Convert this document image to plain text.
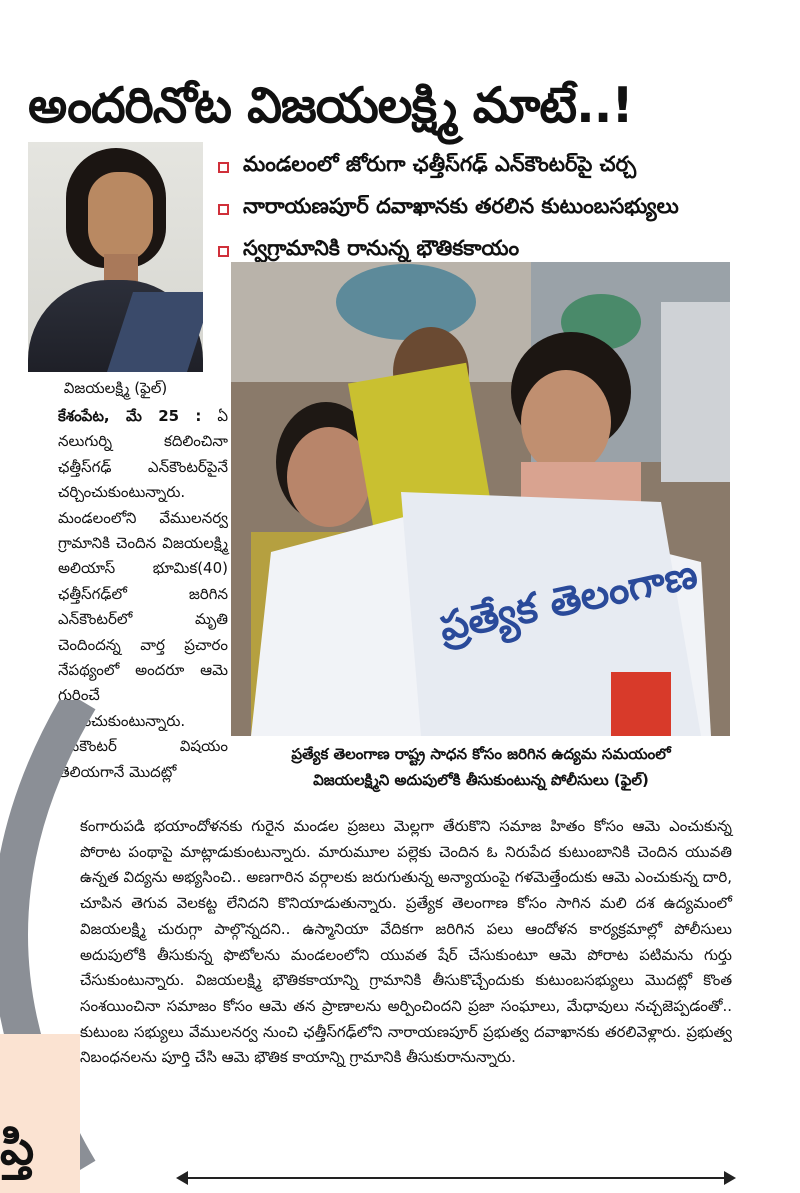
అందరినోట విజయలక్ష్మి మాటే..!
మండలంలో జోరుగా ఛత్తీస్‌గఢ్ ఎన్‌కౌంటర్‌పై చర్చ
నారాయణపూర్ దవాఖానకు తరలిన కుటుంబసభ్యులు
స్వగ్రామానికి రానున్న భౌతికకాయం
విజయలక్ష్మి (ఫైల్)
ప్రత్యేక తెలంగాణ
ప్రత్యేక తెలంగాణ రాష్ట్ర సాధన కోసం జరిగిన ఉద్యమ సమయంలో
విజయలక్ష్మిని అదుపులోకి తీసుకుంటున్న పోలీసులు (ఫైల్)
కేశంపేట, మే 25 : ఏ నలుగుర్ని కదిలించినా ఛత్తీస్‌గఢ్ ఎన్‌కౌంటర్‌పైనే చర్చించుకుంటున్నారు. మండలంలోని వేములనర్వ గ్రామానికి చెందిన విజయలక్ష్మి అలియాస్ భూమిక(40) ఛత్తీస్‌గఢ్‌లో జరిగిన ఎన్‌కౌంటర్‌లో మృతి చెందిందన్న వార్త ప్రచారం నేపథ్యంలో అందరూ ఆమె గురించే చర్చించుకుంటున్నారు. ఎన్‌కౌంటర్ విషయం తెలియగానే మొదట్లో
కంగారుపడి భయాందోళనకు గురైన మండల ప్రజలు మెల్లగా తేరుకొని సమాజ హితం కోసం ఆమె ఎంచుకున్న పోరాట పంథాపై మాట్లాడుకుంటున్నారు. మారుమూల పల్లెకు చెందిన ఓ నిరుపేద కుటుంబానికి చెందిన యువతి ఉన్నత విద్యను అభ్యసించి.. అణగారిన వర్గాలకు జరుగుతున్న అన్యాయంపై గళమెత్తేందుకు ఆమె ఎంచుకున్న దారి, చూపిన తెగువ వెలకట్ట లేనిదని కొనియాడుతున్నారు. ప్రత్యేక తెలంగాణ కోసం సాగిన మలి దశ ఉద్యమంలో విజయలక్ష్మి చురుగ్గా పాల్గొన్నదని.. ఉస్మానియా వేదికగా జరిగిన పలు ఆందోళన కార్యక్రమాల్లో పోలీసులు అదుపులోకి తీసుకున్న ఫొటోలను మండలంలోని యువత షేర్ చేసుకుంటూ ఆమె పోరాట పటిమను గుర్తు చేసుకుంటున్నారు. విజయలక్ష్మి భౌతికకాయాన్ని గ్రామానికి తీసుకొచ్చేందుకు కుటుంబసభ్యులు మొదట్లో కొంత సంశయించినా సమాజం కోసం ఆమె తన ప్రాణాలను అర్పించిందని ప్రజా సంఘాలు, మేధావులు నచ్చజెప్పడంతో.. కుటుంబ సభ్యులు వేములనర్వ నుంచి ఛత్తీస్‌గఢ్‌లోని నారాయణపూర్ ప్రభుత్వ దవాఖానకు తరలివెళ్లారు. ప్రభుత్వ నిబంధనలను పూర్తి చేసి ఆమె భౌతిక కాయాన్ని గ్రామానికి తీసుకురానున్నారు.
ప్తి
